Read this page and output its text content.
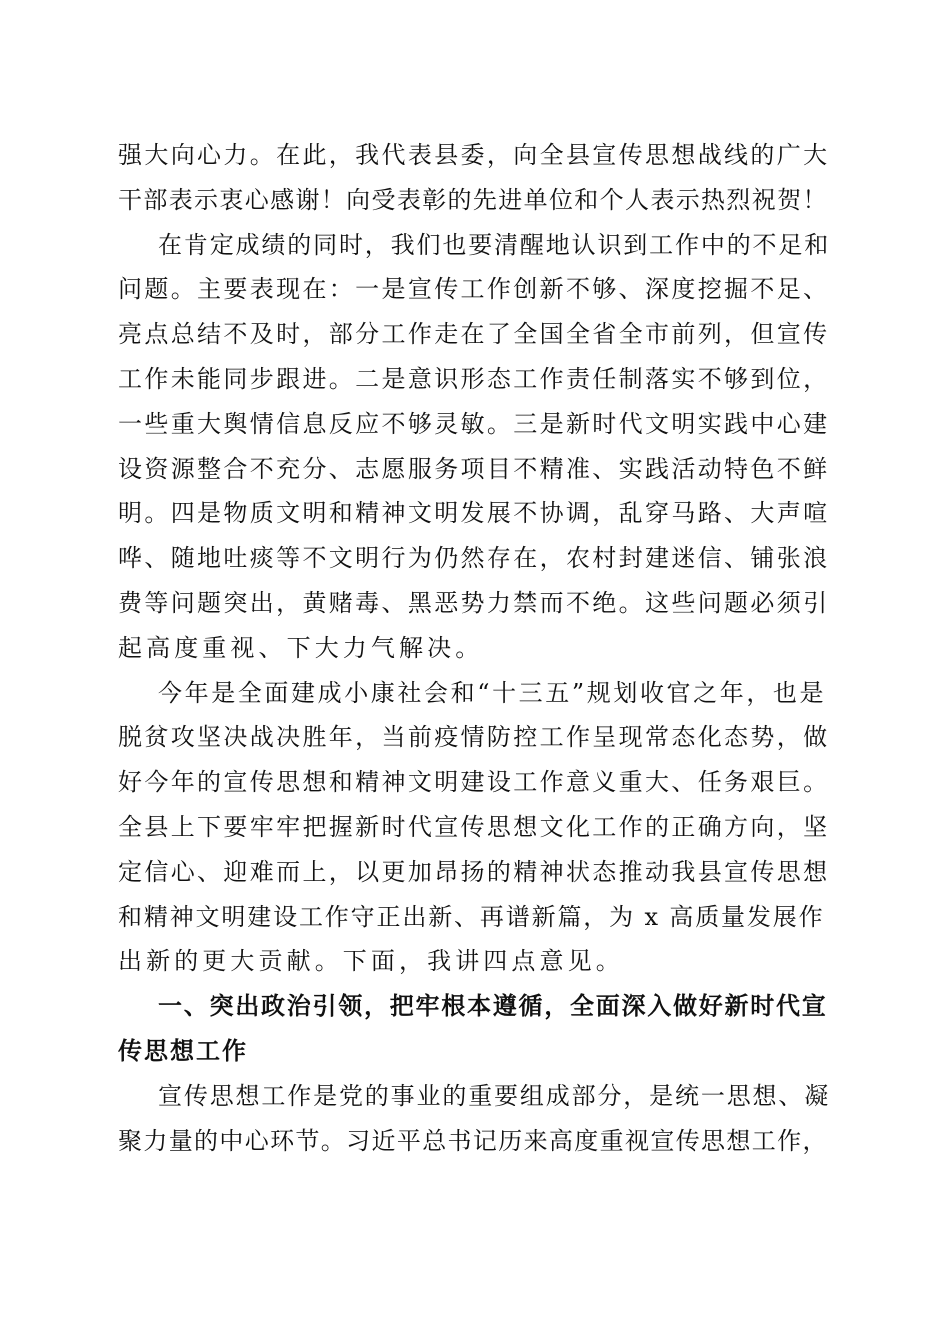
强大向心力。在此，我代表县委，向全县宣传思想战线的广大
干部表示衷心感谢！向受表彰的先进单位和个人表示热烈祝贺！
在肯定成绩的同时，我们也要清醒地认识到工作中的不足和
问题。主要表现在：一是宣传工作创新不够、深度挖掘不足、
亮点总结不及时，部分工作走在了全国全省全市前列，但宣传
工作未能同步跟进。二是意识形态工作责任制落实不够到位，
一些重大舆情信息反应不够灵敏。三是新时代文明实践中心建
设资源整合不充分、志愿服务项目不精准、实践活动特色不鲜
明。四是物质文明和精神文明发展不协调，乱穿马路、大声喧
哗、随地吐痰等不文明行为仍然存在，农村封建迷信、铺张浪
费等问题突出，黄赌毒、黑恶势力禁而不绝。这些问题必须引
起高度重视、下大力气解决。
今年是全面建成小康社会和“十三五”规划收官之年，也是
脱贫攻坚决战决胜年，当前疫情防控工作呈现常态化态势，做
好今年的宣传思想和精神文明建设工作意义重大、任务艰巨。
全县上下要牢牢把握新时代宣传思想文化工作的正确方向，坚
定信心、迎难而上，以更加昂扬的精神状态推动我县宣传思想
和精神文明建设工作守正出新、再谱新篇，为 x 高质量发展作
出新的更大贡献。下面，我讲四点意见。
一、突出政治引领，把牢根本遵循，全面深入做好新时代宣
传思想工作
宣传思想工作是党的事业的重要组成部分，是统一思想、凝
聚力量的中心环节。习近平总书记历来高度重视宣传思想工作，
